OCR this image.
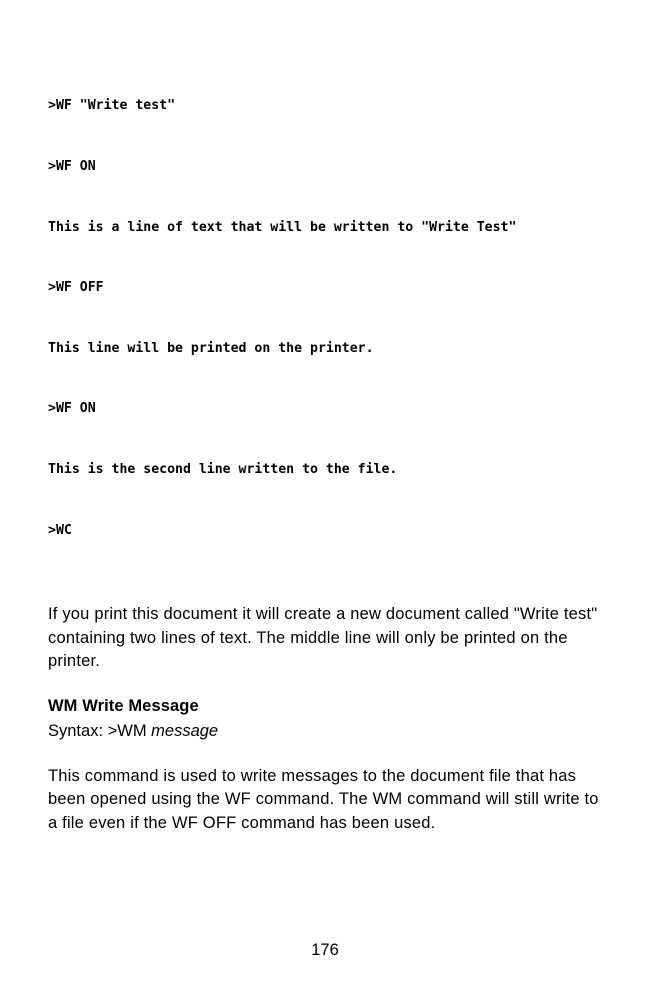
>WF "Write test"

>WF ON

This is a line of text that will be written to "Write Test"

>WF OFF

This line will be printed on the printer.

>WF ON

This is the second line written to the file.

>WC

If you print this document it will create a new document called "Write test" containing two lines of text. The middle line will only be printed on the printer.
WM Write Message
Syntax: >WM message
This command is used to write messages to the document file that has been opened using the WF command. The WM command will still write to a file even if the WF OFF command has been used.
176
